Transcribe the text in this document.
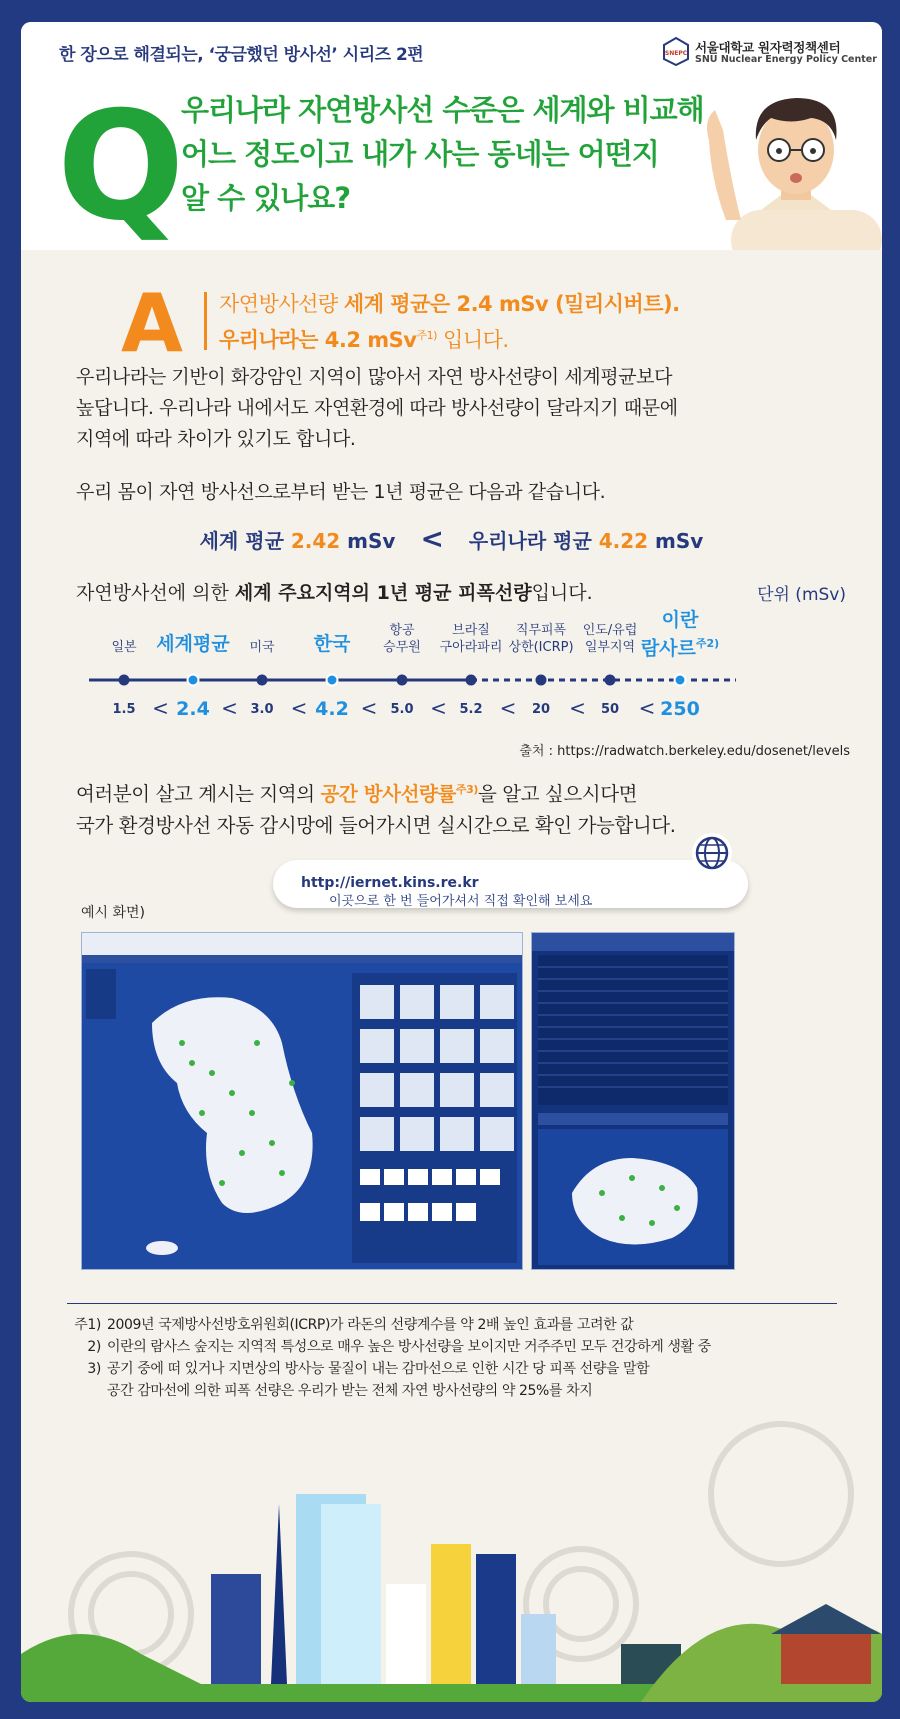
한 장으로 해결되는, ‘궁금했던 방사선’ 시리즈 2편	SNEPC 서울대학교 원자력정책센터
SNU Nuclear Energy Policy Center
Q
우리나라 자연방사선 수준은 세계와 비교해
어느 정도이고 내가 사는 동네는 어떤지
알 수 있나요?
A 자연방사선량 세계 평균은 2.4 mSv (밀리시버트).
우리나라는 4.2 mSv$^{주1)}$ 입니다.
우리나라는 기반이 화강암인 지역이 많아서 자연 방사선량이 세계평균보다
높답니다. 우리나라 내에서도 자연환경에 따라 방사선량이 달라지기 때문에
지역에 따라 차이가 있기도 합니다.
우리 몸이 자연 방사선으로부터 받는 1년 평균은 다음과 같습니다.
세계 평균 2.42 mSv < 우리나라 평균 4.22 mSv
자연방사선에 의한 세계 주요지역의 1년 평균 피폭선량입니다.	단위 (mSv)
일본
1.5 <
세계평균
2.4 <
미국
3.0 <
한국
4.2 <
항공
승무원
5.0 <
브라질
구아라파리
5.2 <
직무피폭
상한(ICRP)
20 <
인도/유럽
일부지역
50 <
이란
람사르$^{주2)}$
250
출처 : https://radwatch.berkeley.edu/dosenet/levels
여러분이 살고 계시는 지역의 공간 방사선량률$^{주3)}$을 알고 싶으시다면
국가 환경방사선 자동 감시망에 들어가시면 실시간으로 확인 가능합니다.
이곳으로 한 번 들어가셔서 직접 확인해 보세요
http://iernet.kins.re.kr
예시 화면)
주1) 2009년 국제방사선방호위원회(ICRP)가 라돈의 선량계수를 약 2배 높인 효과를 고려한 값
2) 이란의 람사스 숲지는 지역적 특성으로 매우 높은 방사선량을 보이지만 거주주민 모두 건강하게 생활 중
3) 공기 중에 떠 있거나 지면상의 방사능 물질이 내는 감마선으로 인한 시간 당 피폭 선량을 말함
공간 감마선에 의한 피폭 선량은 우리가 받는 전체 자연 방사선량의 약 25%를 차지
